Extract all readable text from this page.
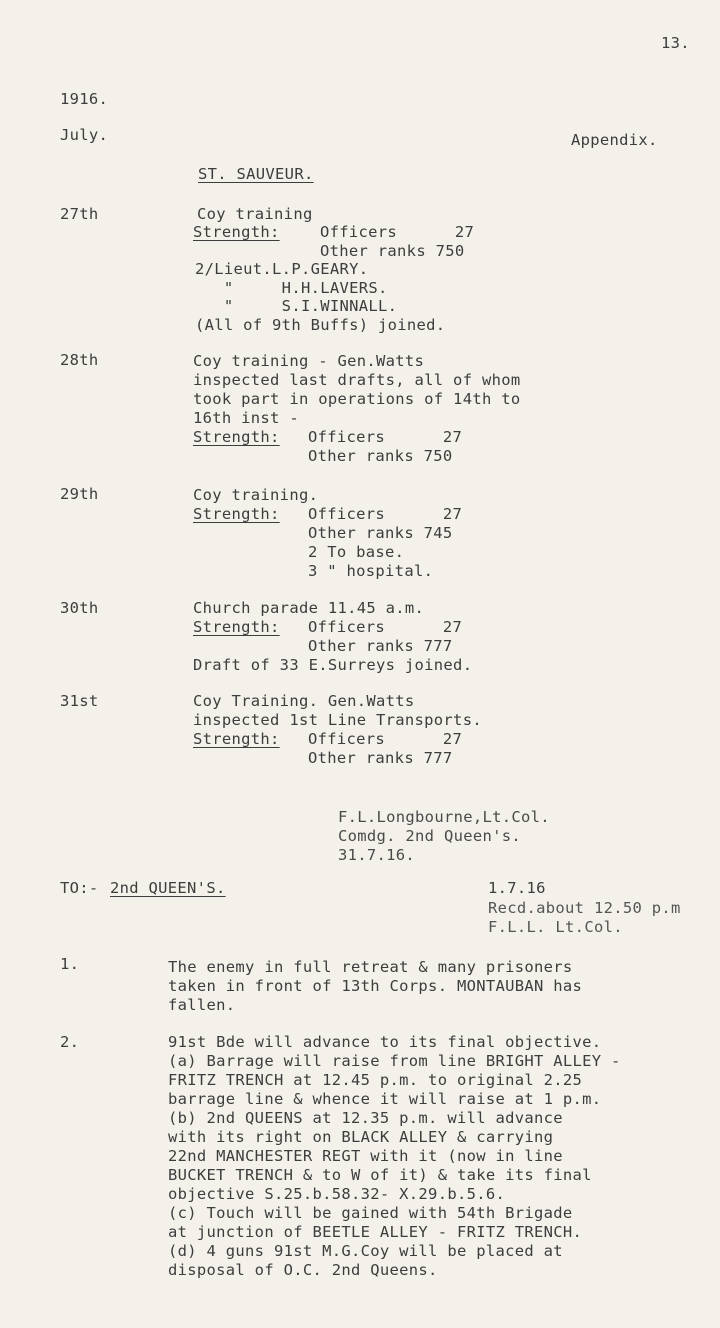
13.
1916.
July.	Appendix.
ST. SAUVEUR.
27th	Coy training
Strength:	Officers      27
Other ranks 750
2/Lieut.L.P.GEARY.
"     H.H.LAVERS.
"     S.I.WINNALL.
(All of 9th Buffs) joined.
28th	Coy training - Gen.Watts
inspected last drafts, all of whom
took part in operations of 14th to
16th inst -
Strength: Officers      27
Other ranks 750
29th	Coy training.
Strength: Officers      27
Other ranks 745
2 To base.
3 " hospital.
30th	Church parade 11.45 a.m.
Strength: Officers      27
Other ranks 777
Draft of 33 E.Surreys joined.
31st	Coy Training. Gen.Watts
inspected 1st Line Transports.
Strength: Officers      27
Other ranks 777
F.L.Longbourne,Lt.Col.
Comdg. 2nd Queen's.
31.7.16.
TO:- 2nd QUEEN'S.	1.7.16
Recd.about 12.50 p.m
F.L.L. Lt.Col.
1.	The enemy in full retreat & many prisoners
taken in front of 13th Corps. MONTAUBAN has
fallen.
2.	91st Bde will advance to its final objective.
(a) Barrage will raise from line BRIGHT ALLEY -
FRITZ TRENCH at 12.45 p.m. to original 2.25
barrage line & whence it will raise at 1 p.m.
(b) 2nd QUEENS at 12.35 p.m. will advance
with its right on BLACK ALLEY & carrying
22nd MANCHESTER REGT with it (now in line
BUCKET TRENCH & to W of it) & take its final
objective S.25.b.58.32- X.29.b.5.6.
(c) Touch will be gained with 54th Brigade
at junction of BEETLE ALLEY - FRITZ TRENCH.
(d) 4 guns 91st M.G.Coy will be placed at
disposal of O.C. 2nd Queens.
